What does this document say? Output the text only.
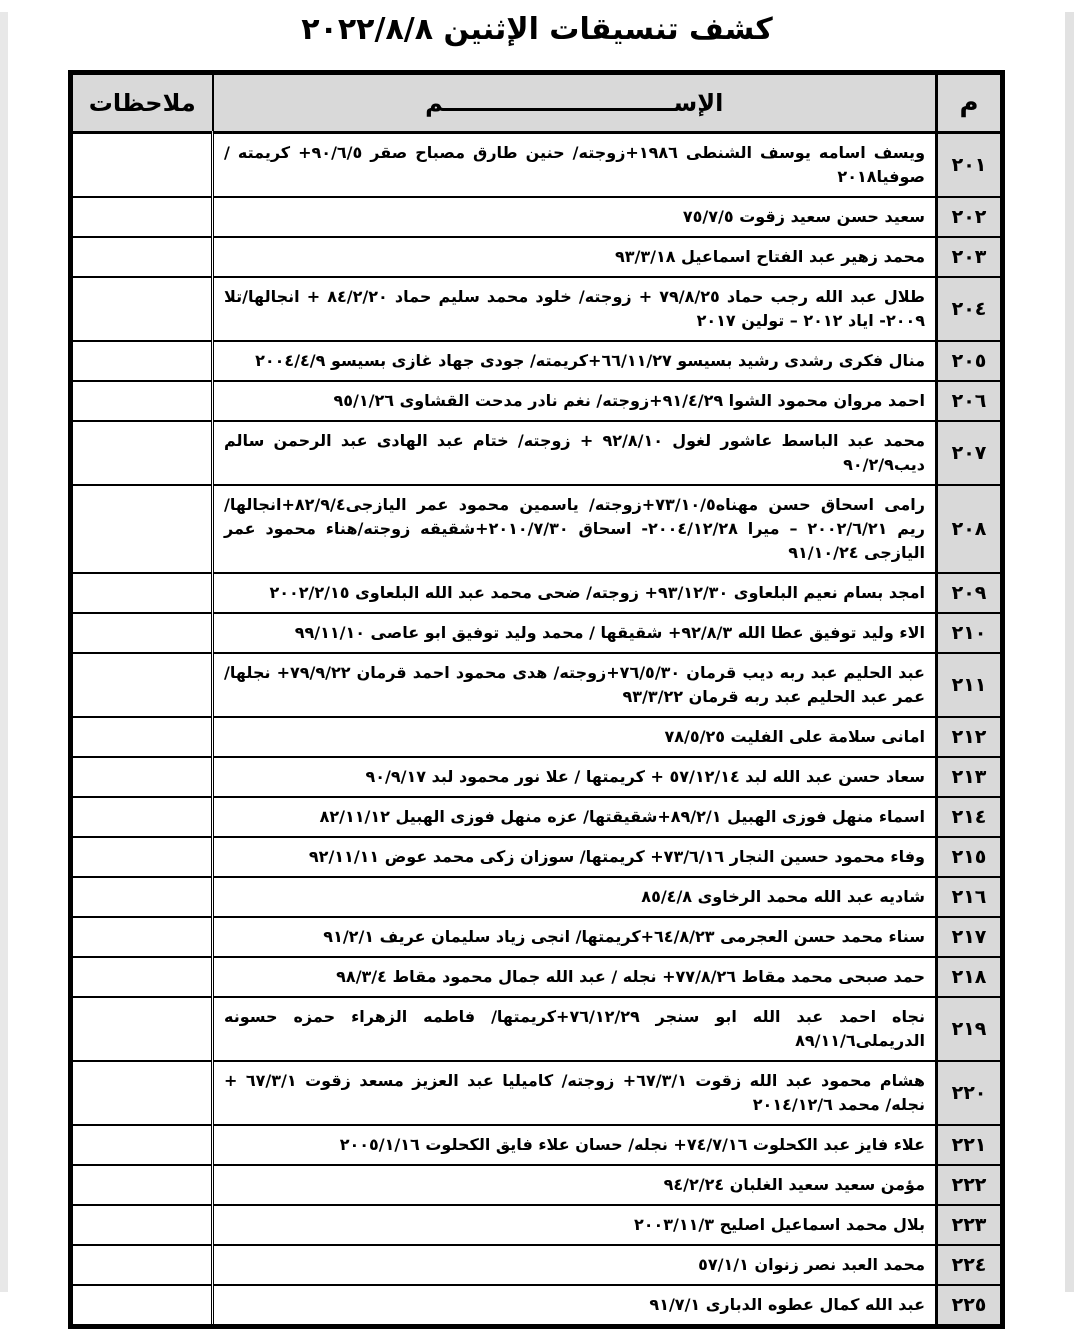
كشف تنسيقات الإثنين ٢٠٢٢/٨/٨
م	الإســــــــــــــــــــــــــــم	ملاحظات
٢٠١	ويسف اسامه يوسف الشنطى ١٩٨٦+زوجته/ حنين طارق مصباح صقر ٩٠/٦/٥+ كريمته / صوفيا٢٠١٨	
٢٠٢	سعيد حسن سعيد زقوت ٧٥/٧/٥	
٢٠٣	محمد زهير عبد الفتاح اسماعيل ٩٣/٣/١٨	
٢٠٤	طلال عبد الله رجب حماد ٧٩/٨/٢٥ + زوجته/ خلود محمد سليم حماد ٨٤/٢/٢٠ + انجالها/تلا ٢٠٠٩- اياد ٢٠١٢ – تولين ٢٠١٧	
٢٠٥	منال فكرى رشدى رشيد بسيسو ٦٦/١١/٢٧+كريمته/ جودى جهاد غازى بسيسو ٢٠٠٤/٤/٩	
٢٠٦	احمد مروان محمود الشوا ٩١/٤/٢٩+زوجته/ نغم نادر مدحت القشاوى ٩٥/١/٢٦	
٢٠٧	محمد عبد الباسط عاشور لغول ٩٢/٨/١٠ + زوجته/ ختام عبد الهادى عبد الرحمن سالم ديب٩٠/٢/٩	
٢٠٨	رامى اسحاق حسن مهناه٧٣/١٠/٥+زوجته/ ياسمين محمود عمر اليازجى٨٢/٩/٤+انجالها/ ريم ٢٠٠٢/٦/٢١ – ميرا ٢٠٠٤/١٢/٢٨- اسحاق ٢٠١٠/٧/٣٠+شقيقه زوجته/هناء محمود عمر اليازجى ٩١/١٠/٢٤	
٢٠٩	امجد بسام نعيم البلعاوى ٩٣/١٢/٣٠+ زوجته/ ضحى محمد عبد الله البلعاوى ٢٠٠٢/٢/١٥	
٢١٠	الاء وليد توفيق عطا الله ٩٢/٨/٣+ شقيقها / محمد وليد توفيق ابو عاصى ٩٩/١١/١٠	
٢١١	عبد الحليم عبد ربه ديب قرمان ٧٦/٥/٣٠+زوجته/ هدى محمود احمد قرمان ٧٩/٩/٢٢+ نجلها/ عمر عبد الحليم عبد ربه قرمان ٩٣/٣/٢٢	
٢١٢	امانى سلامة على الفليت ٧٨/٥/٢٥	
٢١٣	سعاد حسن عبد الله لبد ٥٧/١٢/١٤ + كريمتها / علا نور محمود لبد ٩٠/٩/١٧	
٢١٤	اسماء منهل فوزى الهبيل ٨٩/٢/١+شقيقتها/ عزه منهل فوزى الهبيل ٨٢/١١/١٢	
٢١٥	وفاء محمود حسين النجار ٧٣/٦/١٦+ كريمتها/ سوزان زكى محمد عوض ٩٢/١١/١١	
٢١٦	شاديه عبد الله محمد الرخاوى ٨٥/٤/٨	
٢١٧	سناء محمد حسن العجرمى ٦٤/٨/٢٣+كريمتها/ انجى زياد سليمان عريف ٩١/٢/١	
٢١٨	حمد صبحى محمد مقاط ٧٧/٨/٢٦+ نجله / عبد الله جمال محمود مقاط ٩٨/٣/٤	
٢١٩	نجاه احمد عبد الله ابو سنجر ٧٦/١٢/٢٩+كريمتها/ فاطمه الزهراء حمزه حسونه الدريملى٨٩/١١/٦	
٢٢٠	هشام محمود عبد الله زقوت ٦٧/٣/١+ زوجته/ كاميليا عبد العزيز مسعد زقوت ٦٧/٣/١ + نجله/ محمد ٢٠١٤/١٢/٦	
٢٢١	علاء فايز عبد الكحلوت ٧٤/٧/١٦+ نجله/ حسان علاء فايق الكحلوت ٢٠٠٥/١/١٦	
٢٢٢	مؤمن سعيد سعيد الغلبان ٩٤/٢/٢٤	
٢٢٣	بلال محمد اسماعيل اصليح ٢٠٠٣/١١/٣	
٢٢٤	محمد العبد نصر زنوان ٥٧/١/١	
٢٢٥	عبد الله كمال عطوه الدبارى ٩١/٧/١	
